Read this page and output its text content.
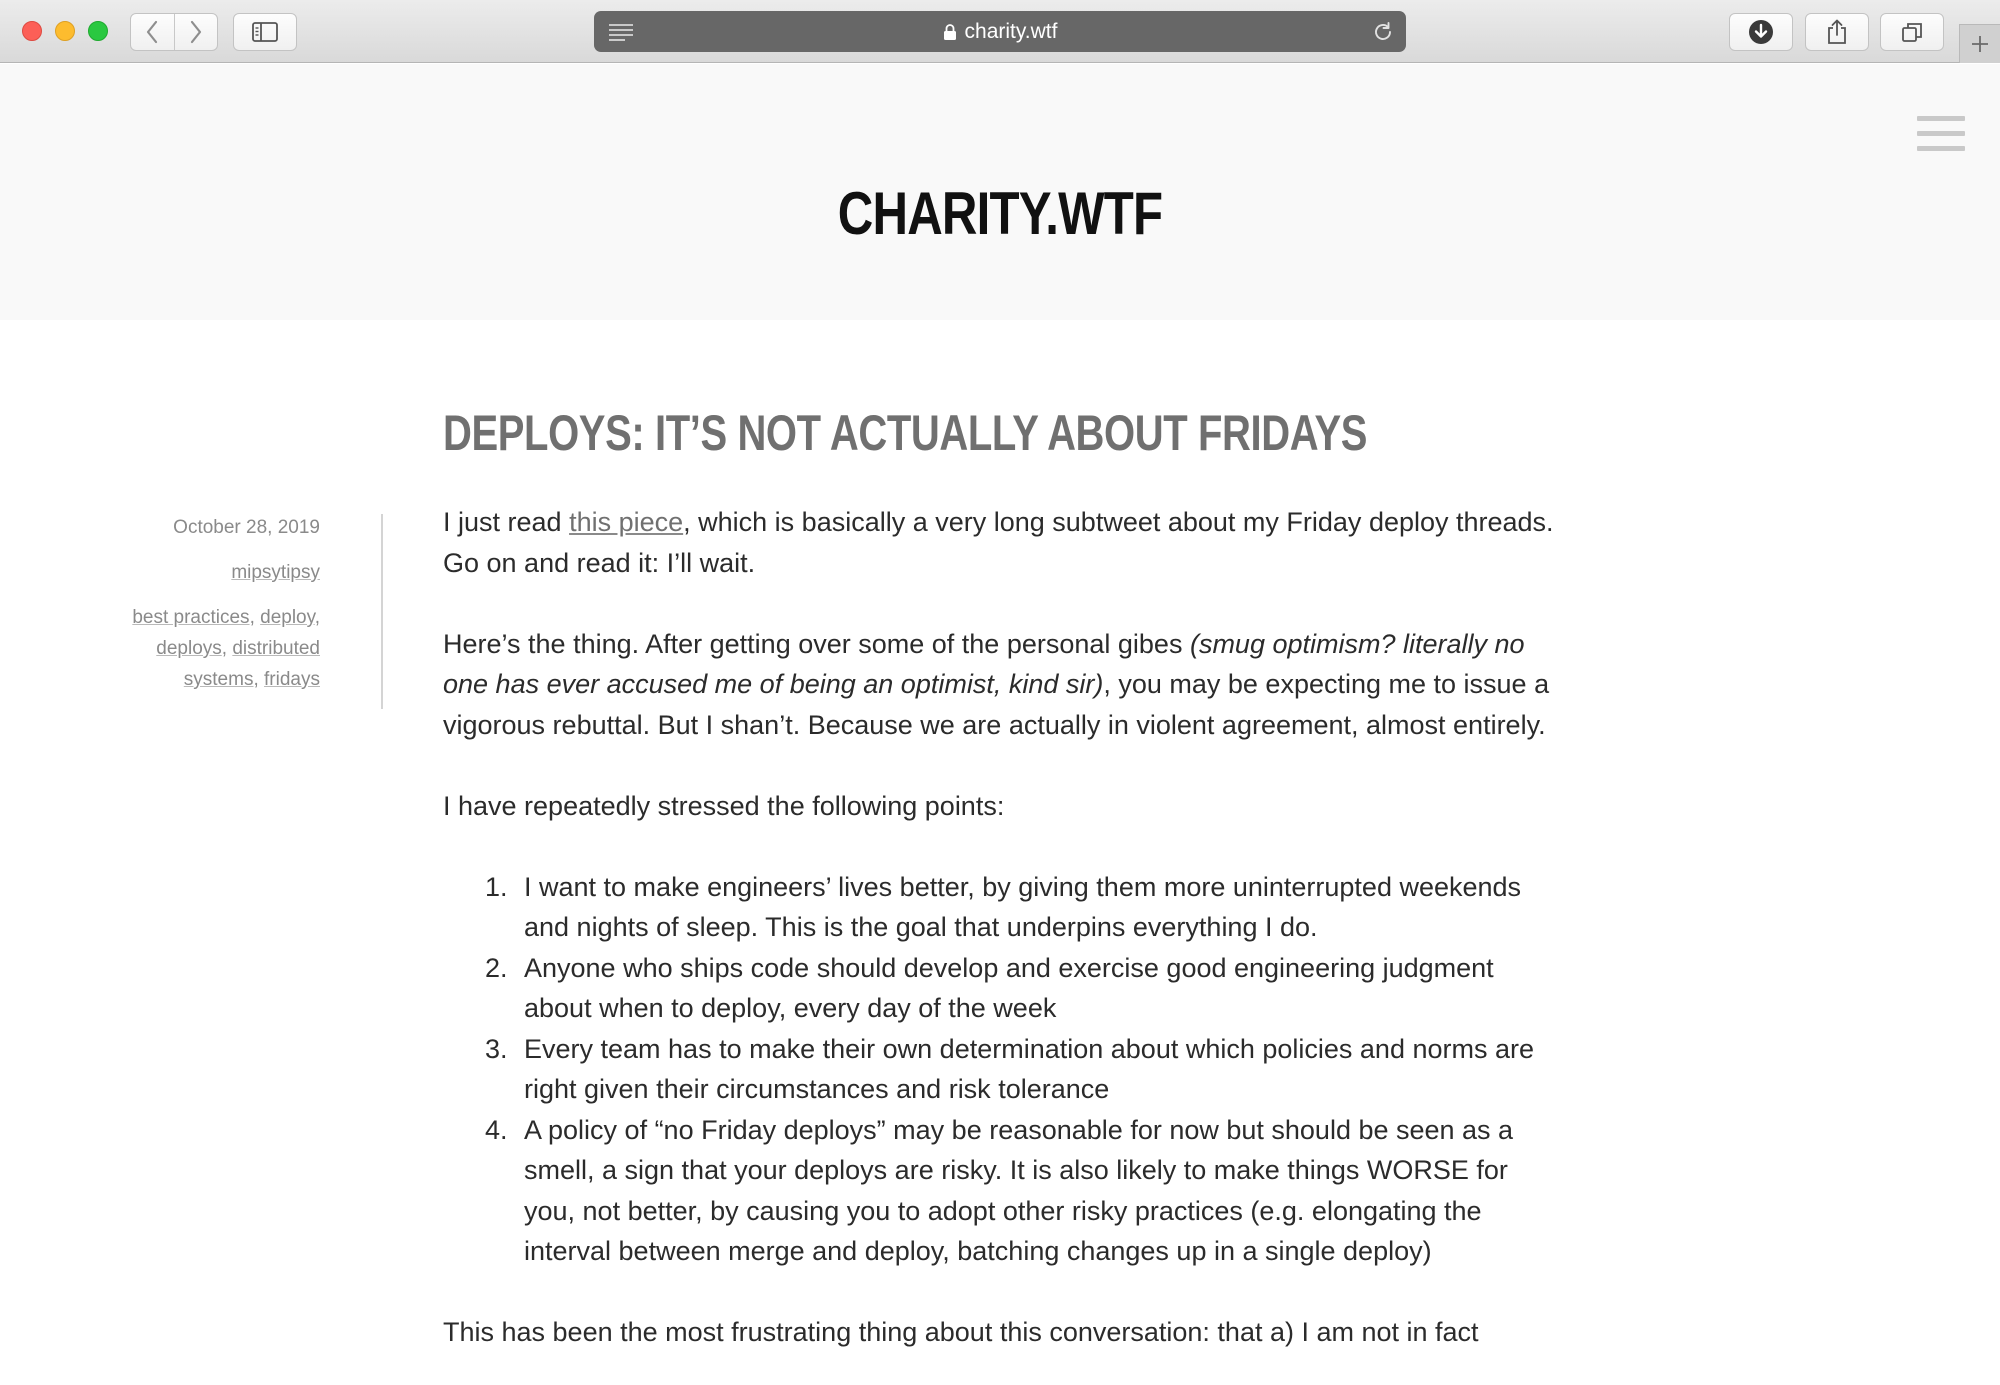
charity.wtf
CHARITY.WTF
DEPLOYS: IT’S NOT ACTUALLY ABOUT FRIDAYS
October 28, 2019
mipsytipsy
best practices, deploy, deploys, distributed systems, fridays

I just read this piece, which is basically a very long subtweet about my Friday deploy threads. Go on and read it: I’ll wait.

Here’s the thing. After getting over some of the personal gibes (smug optimism? literally no one has ever accused me of being an optimist, kind sir), you may be expecting me to issue a vigorous rebuttal. But I shan’t. Because we are actually in violent agreement, almost entirely.

I have repeatedly stressed the following points:

1. I want to make engineers’ lives better, by giving them more uninterrupted weekends and nights of sleep. This is the goal that underpins everything I do.
2. Anyone who ships code should develop and exercise good engineering judgment about when to deploy, every day of the week
3. Every team has to make their own determination about which policies and norms are right given their circumstances and risk tolerance
4. A policy of “no Friday deploys” may be reasonable for now but should be seen as a smell, a sign that your deploys are risky. It is also likely to make things WORSE for you, not better, by causing you to adopt other risky practices (e.g. elongating the interval between merge and deploy, batching changes up in a single deploy)

This has been the most frustrating thing about this conversation: that a) I am not in fact
